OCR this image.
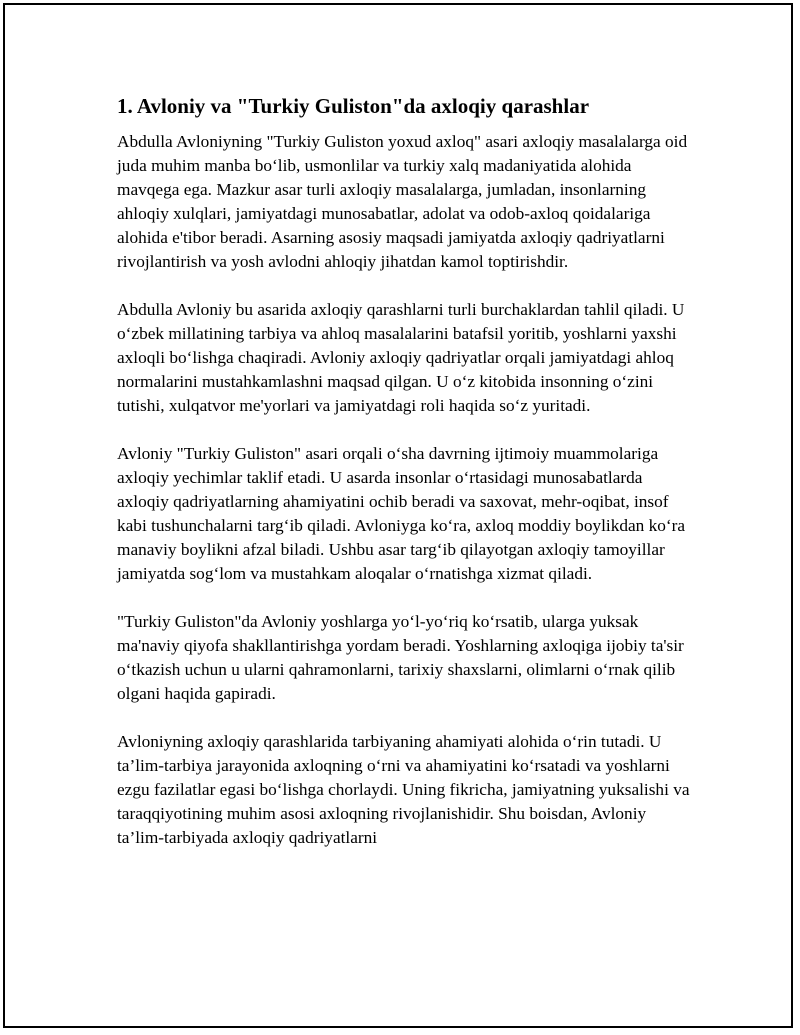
1. Avloniy va "Turkiy Guliston"da axloqiy qarashlar

Abdulla Avloniyning "Turkiy Guliston yoxud axloq" asari axloqiy masalalarga oid juda muhim manba bo‘lib, usmonlilar va turkiy xalq madaniyatida alohida mavqega ega. Mazkur asar turli axloqiy masalalarga, jumladan, insonlarning ahloqiy xulqlari, jamiyatdagi munosabatlar, adolat va odob-axloq qoidalariga alohida e'tibor beradi. Asarning asosiy maqsadi jamiyatda axloqiy qadriyatlarni rivojlantirish va yosh avlodni ahloqiy jihatdan kamol toptirishdir.

Abdulla Avloniy bu asarida axloqiy qarashlarni turli burchaklardan tahlil qiladi. U o‘zbek millatining tarbiya va ahloq masalalarini batafsil yoritib, yoshlarni yaxshi axloqli bo‘lishga chaqiradi. Avloniy axloqiy qadriyatlar orqali jamiyatdagi ahloq normalarini mustahkamlashni maqsad qilgan. U o‘z kitobida insonning o‘zini tutishi, xulqatvor me'yorlari va jamiyatdagi roli haqida so‘z yuritadi.

Avloniy "Turkiy Guliston" asari orqali o‘sha davrning ijtimoiy muammolariga axloqiy yechimlar taklif etadi. U asarda insonlar o‘rtasidagi munosabatlarda axloqiy qadriyatlarning ahamiyatini ochib beradi va saxovat, mehr-oqibat, insof kabi tushunchalarni targ‘ib qiladi. Avloniyga ko‘ra, axloq moddiy boylikdan ko‘ra manaviy boylikni afzal biladi. Ushbu asar targ‘ib qilayotgan axloqiy tamoyillar jamiyatda sog‘lom va mustahkam aloqalar o‘rnatishga xizmat qiladi.

"Turkiy Guliston"da Avloniy yoshlarga yo‘l-yo‘riq ko‘rsatib, ularga yuksak ma'naviy qiyofa shakllantirishga yordam beradi. Yoshlarning axloqiga ijobiy ta'sir o‘tkazish uchun u ularni qahramonlarni, tarixiy shaxslarni, olimlarni o‘rnak qilib olgani haqida gapiradi.

Avloniyning axloqiy qarashlarida tarbiyaning ahamiyati alohida o‘rin tutadi. U ta’lim-tarbiya jarayonida axloqning o‘rni va ahamiyatini ko‘rsatadi va yoshlarni ezgu fazilatlar egasi bo‘lishga chorlaydi. Uning fikricha, jamiyatning yuksalishi va taraqqiyotining muhim asosi axloqning rivojlanishidir. Shu boisdan, Avloniy ta’lim-tarbiyada axloqiy qadriyatlarni
